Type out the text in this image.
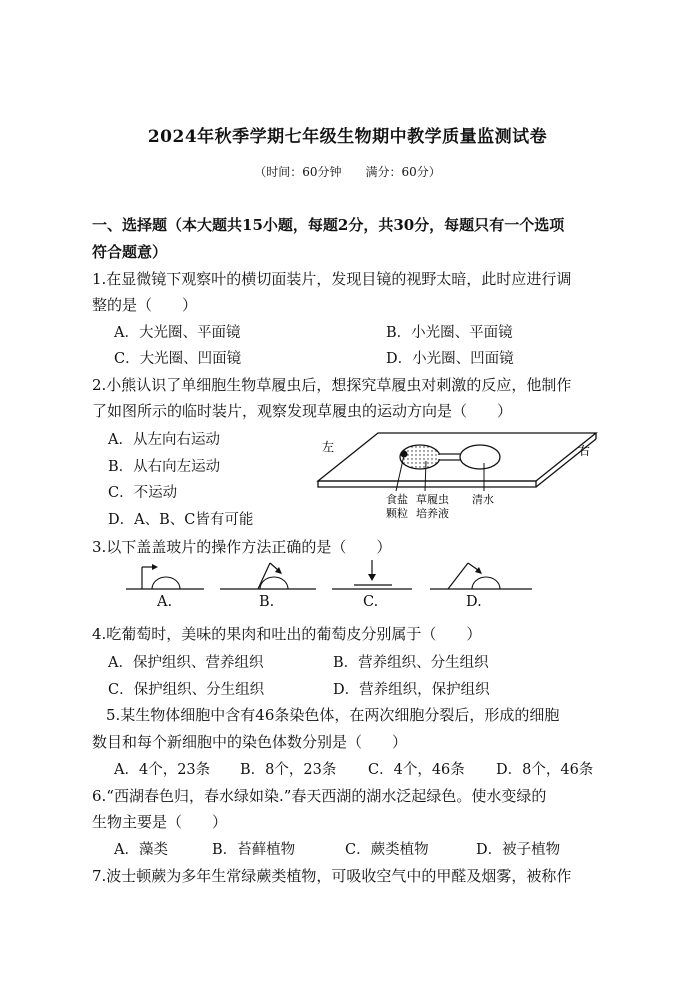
2024年秋季学期七年级生物期中教学质量监测试卷
（时间：60分钟　　满分：60分）
一、选择题（本大题共15小题，每题2分，共30分，每题只有一个选项
符合题意）
1.在显微镜下观察叶的横切面装片，发现目镜的视野太暗，此时应进行调
整的是（　　）
A．大光圈、平面镜	B．小光圈、平面镜
C．大光圈、凹面镜	D．小光圈、凹面镜
2.小熊认识了单细胞生物草履虫后，想探究草履虫对刺激的反应，他制作
了如图所示的临时装片，观察发现草履虫的运动方向是（　　）
A．从左向右运动
B．从右向左运动
C．不运动
D．A、B、C皆有可能
左	右
食盐
颗粒
草履虫
培养液
清水
3.以下盖盖玻片的操作方法正确的是（　　）
A.	B.	C.	D.
4.吃葡萄时，美味的果肉和吐出的葡萄皮分别属于（　　）
A．保护组织、营养组织	B．营养组织、分生组织
C．保护组织、分生组织	D．营养组织，保护组织
5.某生物体细胞中含有46条染色体，在两次细胞分裂后，形成的细胞
数目和每个新细胞中的染色体数分别是（　　）
A．4个，23条 B．8个，23条 C．4个，46条 D．8个，46条
6.“西湖春色归，春水绿如染.”春天西湖的湖水泛起绿色。使水变绿的
生物主要是（　　）
A．藻类	B．苔藓植物	C．蕨类植物	D．被子植物
7.波士顿蕨为多年生常绿蕨类植物，可吸收空气中的甲醛及烟雾，被称作
